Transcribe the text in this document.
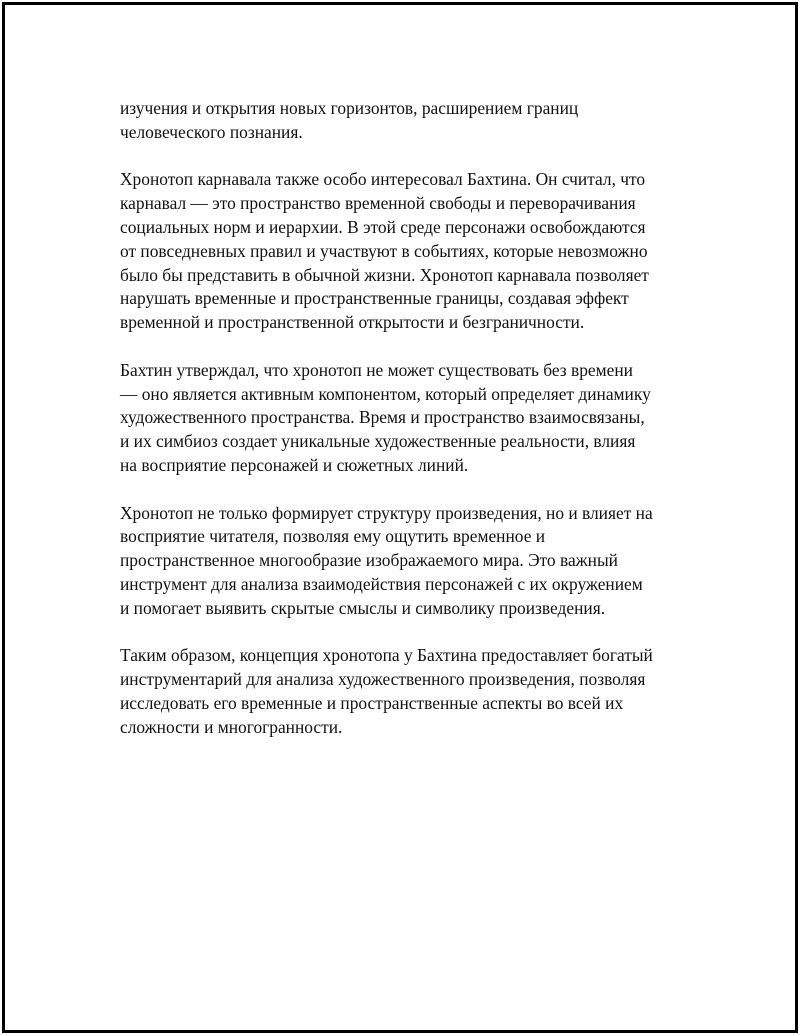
изучения и открытия новых горизонтов, расширением границ
человеческого познания.

Хронотоп карнавала также особо интересовал Бахтина. Он считал, что
карнавал — это пространство временной свободы и переворачивания
социальных норм и иерархии. В этой среде персонажи освобождаются
от повседневных правил и участвуют в событиях, которые невозможно
было бы представить в обычной жизни. Хронотоп карнавала позволяет
нарушать временные и пространственные границы, создавая эффект
временной и пространственной открытости и безграничности.

Бахтин утверждал, что хронотоп не может существовать без времени
— оно является активным компонентом, который определяет динамику
художественного пространства. Время и пространство взаимосвязаны,
и их симбиоз создает уникальные художественные реальности, влияя
на восприятие персонажей и сюжетных линий.

Хронотоп не только формирует структуру произведения, но и влияет на
восприятие читателя, позволяя ему ощутить временное и
пространственное многообразие изображаемого мира. Это важный
инструмент для анализа взаимодействия персонажей с их окружением
и помогает выявить скрытые смыслы и символику произведения.

Таким образом, концепция хронотопа у Бахтина предоставляет богатый
инструментарий для анализа художественного произведения, позволяя
исследовать его временные и пространственные аспекты во всей их
сложности и многогранности.
